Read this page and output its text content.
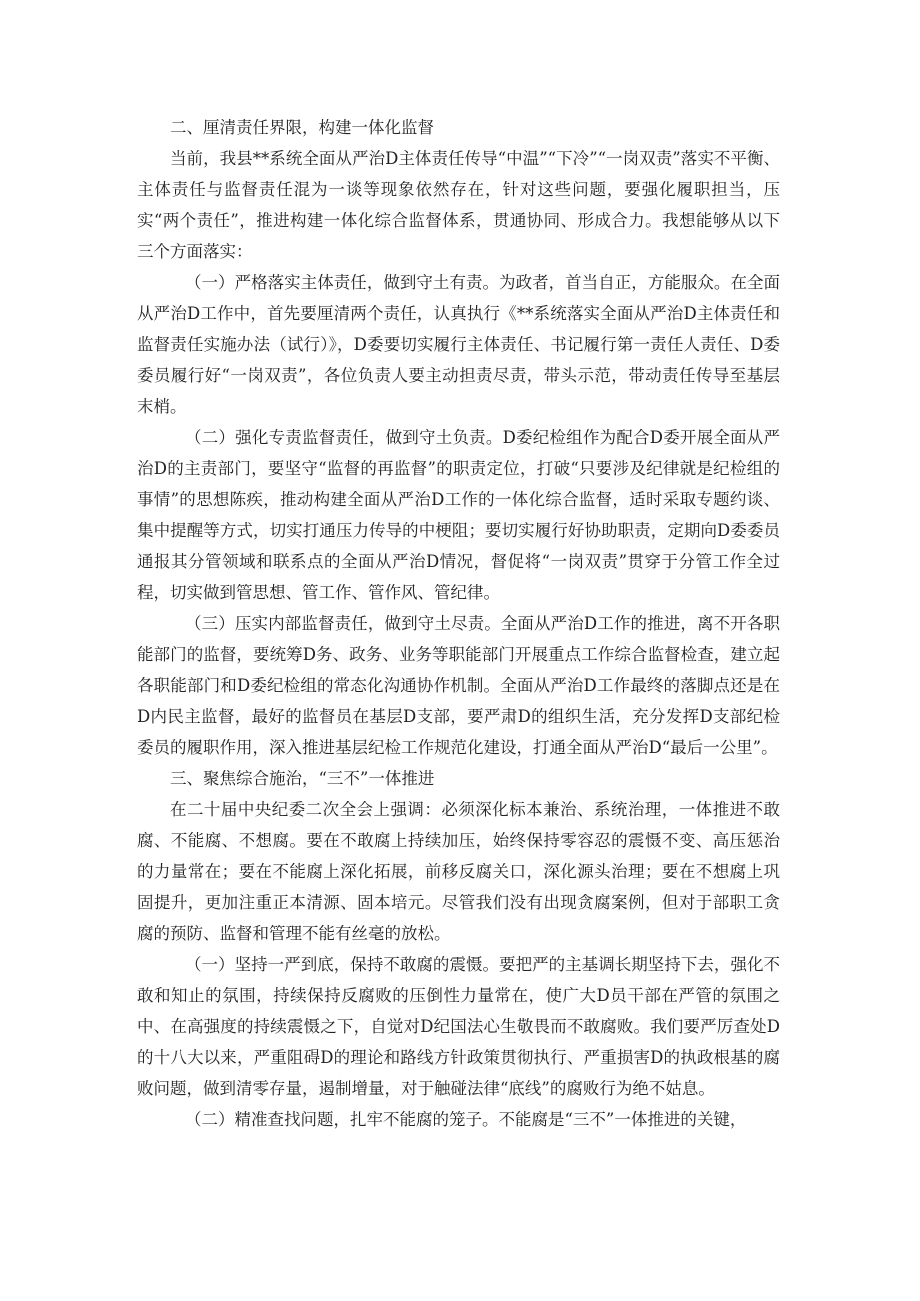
二、厘清责任界限，构建一体化监督

当前，我县**系统全面从严治D主体责任传导“中温”“下冷”“一岗双责”落实不平衡、主体责任与监督责任混为一谈等现象依然存在，针对这些问题，要强化履职担当，压实“两个责任”，推进构建一体化综合监督体系，贯通协同、形成合力。我想能够从以下三个方面落实：

（一）严格落实主体责任，做到守土有责。为政者，首当自正，方能服众。在全面从严治D工作中，首先要厘清两个责任，认真执行《**系统落实全面从严治D主体责任和监督责任实施办法（试行）》，D委要切实履行主体责任、书记履行第一责任人责任、D委委员履行好“一岗双责”，各位负责人要主动担责尽责，带头示范，带动责任传导至基层末梢。

（二）强化专责监督责任，做到守土负责。D委纪检组作为配合D委开展全面从严治D的主责部门，要坚守“监督的再监督”的职责定位，打破“只要涉及纪律就是纪检组的事情”的思想陈疾，推动构建全面从严治D工作的一体化综合监督，适时采取专题约谈、集中提醒等方式，切实打通压力传导的中梗阻；要切实履行好协助职责，定期向D委委员通报其分管领域和联系点的全面从严治D情况，督促将“一岗双责”贯穿于分管工作全过程，切实做到管思想、管工作、管作风、管纪律。

（三）压实内部监督责任，做到守土尽责。全面从严治D工作的推进，离不开各职能部门的监督，要统筹D务、政务、业务等职能部门开展重点工作综合监督检查，建立起各职能部门和D委纪检组的常态化沟通协作机制。全面从严治D工作最终的落脚点还是在D内民主监督，最好的监督员在基层D支部，要严肃D的组织生活，充分发挥D支部纪检委员的履职作用，深入推进基层纪检工作规范化建设，打通全面从严治D“最后一公里”。

三、聚焦综合施治，“三不”一体推进

在二十届中央纪委二次全会上强调：必须深化标本兼治、系统治理，一体推进不敢腐、不能腐、不想腐。要在不敢腐上持续加压，始终保持零容忍的震慑不变、高压惩治的力量常在；要在不能腐上深化拓展，前移反腐关口，深化源头治理；要在不想腐上巩固提升，更加注重正本清源、固本培元。尽管我们没有出现贪腐案例，但对于部职工贪腐的预防、监督和管理不能有丝毫的放松。

（一）坚持一严到底，保持不敢腐的震慑。要把严的主基调长期坚持下去，强化不敢和知止的氛围，持续保持反腐败的压倒性力量常在，使广大D员干部在严管的氛围之中、在高强度的持续震慑之下，自觉对D纪国法心生敬畏而不敢腐败。我们要严厉查处D的十八大以来，严重阻碍D的理论和路线方针政策贯彻执行、严重损害D的执政根基的腐败问题，做到清零存量，遏制增量，对于触碰法律“底线”的腐败行为绝不姑息。

（二）精准查找问题，扎牢不能腐的笼子。不能腐是“三不”一体推进的关键，
